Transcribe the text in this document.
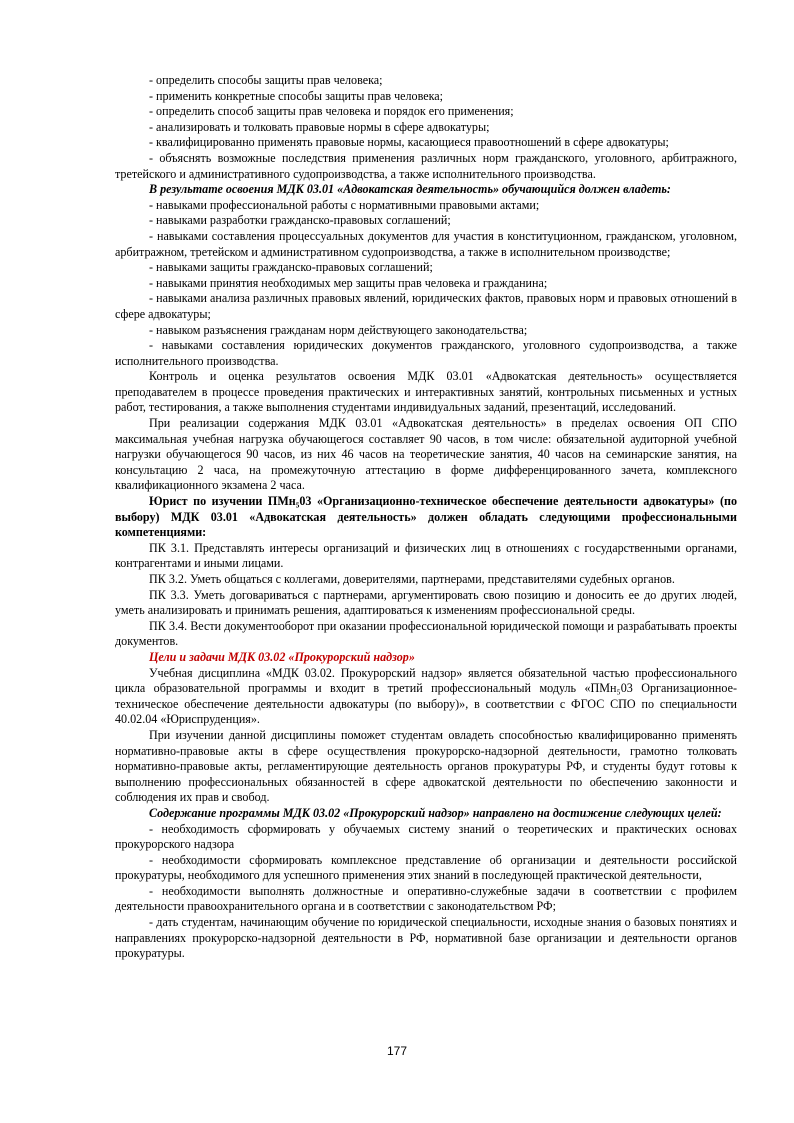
- определить способы защиты прав человека;

- применить конкретные способы защиты прав человека;

- определить способ защиты прав человека и порядок его применения;

- анализировать и толковать правовые нормы в сфере адвокатуры;

- квалифицированно применять правовые нормы, касающиеся правоотношений в сфере адвокатуры;

- объяснять возможные последствия применения различных норм гражданского, уголовного, арбитражного, третейского и административного судопроизводства, а также исполнительного производства.

В результате освоения МДК 03.01 «Адвокатская деятельность» обучающийся должен владеть:

- навыками профессиональной работы с нормативными правовыми актами;

- навыками разработки гражданско-правовых соглашений;

- навыками составления процессуальных документов для участия в конституционном, гражданском, уголовном, арбитражном, третейском и административном судопроизводства, а также в исполнительном производстве;

- навыками защиты гражданско-правовых соглашений;

- навыками принятия необходимых мер защиты прав человека и гражданина;

- навыками анализа различных правовых явлений, юридических фактов, правовых норм и правовых отношений в сфере адвокатуры;

- навыком разъяснения гражданам норм действующего законодательства;

- навыками составления юридических документов гражданского, уголовного судопроизводства, а также исполнительного производства.

Контроль и оценка результатов освоения МДК 03.01 «Адвокатская деятельность» осуществляется преподавателем в процессе проведения практических и интерактивных занятий, контрольных письменных и устных работ, тестирования, а также выполнения студентами индивидуальных заданий, презентаций, исследований.

При реализации содержания МДК 03.01 «Адвокатская деятельность» в пределах освоения ОП СПО максимальная учебная нагрузка обучающегося составляет 90 часов, в том числе: обязательной аудиторной учебной нагрузки обучающегося 90 часов, из них 46 часов на теоретические занятия, 40 часов на семинарские занятия, на консультацию 2 часа, на промежуточную аттестацию в форме дифференцированного зачета, комплексного квалификационного экзамена 2 часа.

Юрист по изучении ПМн₅03 «Организационно-техническое обеспечение деятельности адвокатуры» (по выбору) МДК 03.01 «Адвокатская деятельность» должен обладать следующими профессиональными компетенциями:

ПК 3.1. Представлять интересы организаций и физических лиц в отношениях с государственными органами, контрагентами и иными лицами.

ПК 3.2. Уметь общаться с коллегами, доверителями, партнерами, представителями судебных органов.

ПК 3.3. Уметь договариваться с партнерами, аргументировать свою позицию и доносить ее до других людей, уметь анализировать и принимать решения, адаптироваться к изменениям профессиональной среды.

ПК 3.4. Вести документооборот при оказании профессиональной юридической помощи и разрабатывать проекты документов.

Цели и задачи МДК 03.02 «Прокурорский надзор»

Учебная дисциплина «МДК 03.02. Прокурорский надзор» является обязательной частью профессионального цикла образовательной программы и входит в третий профессиональный модуль «ПМн₅03 Организационное-техническое обеспечение деятельности адвокатуры (по выбору)», в соответствии с ФГОС СПО по специальности 40.02.04 «Юриспруденция».

При изучении данной дисциплины поможет студентам овладеть способностью квалифицированно применять нормативно-правовые акты в сфере осуществления прокурорско-надзорной деятельности, грамотно толковать нормативно-правовые акты, регламентирующие деятельность органов прокуратуры РФ, и студенты будут готовы к выполнению профессиональных обязанностей в сфере адвокатской деятельности по обеспечению законности и соблюдения их прав и свобод.

Содержание программы МДК 03.02 «Прокурорский надзор» направлено на достижение следующих целей:

- необходимость сформировать у обучаемых систему знаний о теоретических и практических основах прокурорского надзора

- необходимости сформировать комплексное представление об организации и деятельности российской прокуратуры, необходимого для успешного применения этих знаний в последующей практической деятельности,

- необходимости выполнять должностные и оперативно-служебные задачи в соответствии с профилем деятельности правоохранительного органа и в соответствии с законодательством РФ;

- дать студентам, начинающим обучение по юридической специальности, исходные знания о базовых понятиях и направлениях прокурорско-надзорной деятельности в РФ, нормативной базе организации и деятельности органов прокуратуры.

177
